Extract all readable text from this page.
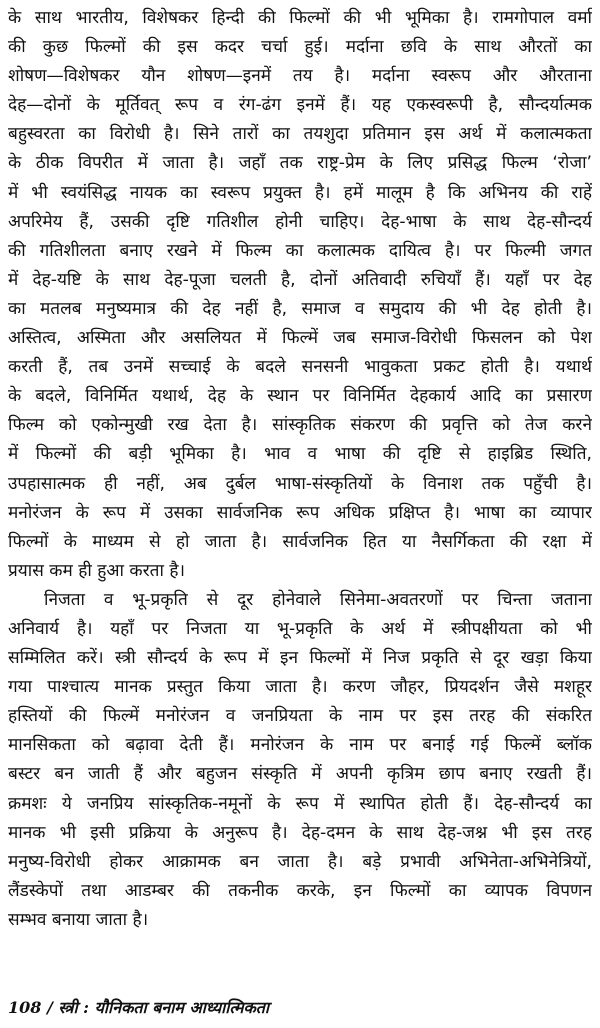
के साथ भारतीय, विशेषकर हिन्दी की फिल्मों की भी भूमिका है। रामगोपाल वर्मा
की कुछ फिल्मों की इस कदर चर्चा हुई। मर्दाना छवि के साथ औरतों का
शोषण—विशेषकर यौन शोषण—इनमें तय है। मर्दाना स्वरूप और औरताना
देह—दोनों के मूर्तिवत् रूप व रंग-ढंग इनमें हैं। यह एकस्वरूपी है, सौन्दर्यात्मक
बहुस्वरता का विरोधी है। सिने तारों का तयशुदा प्रतिमान इस अर्थ में कलात्मकता
के ठीक विपरीत में जाता है। जहाँ तक राष्ट्र-प्रेम के लिए प्रसिद्ध फिल्म ‘रोजा’
में भी स्वयंसिद्ध नायक का स्वरूप प्रयुक्त है। हमें मालूम है कि अभिनय की राहें
अपरिमेय हैं, उसकी दृष्टि गतिशील होनी चाहिए। देह-भाषा के साथ देह-सौन्दर्य
की गतिशीलता बनाए रखने में फिल्म का कलात्मक दायित्व है। पर फिल्मी जगत
में देह-यष्टि के साथ देह-पूजा चलती है, दोनों अतिवादी रुचियाँ हैं। यहाँ पर देह
का मतलब मनुष्यमात्र की देह नहीं है, समाज व समुदाय की भी देह होती है।
अस्तित्व, अस्मिता और असलियत में फिल्में जब समाज-विरोधी फिसलन को पेश
करती हैं, तब उनमें सच्चाई के बदले सनसनी भावुकता प्रकट होती है। यथार्थ
के बदले, विनिर्मित यथार्थ, देह के स्थान पर विनिर्मित देहकार्य आदि का प्रसारण
फिल्म को एकोन्मुखी रख देता है। सांस्कृतिक संकरण की प्रवृत्ति को तेज करने
में फिल्मों की बड़ी भूमिका है। भाव व भाषा की दृष्टि से हाइब्रिड स्थिति,
उपहासात्मक ही नहीं, अब दुर्बल भाषा-संस्कृतियों के विनाश तक पहुँची है।
मनोरंजन के रूप में उसका सार्वजनिक रूप अधिक प्रक्षिप्त है। भाषा का व्यापार
फिल्मों के माध्यम से हो जाता है। सार्वजनिक हित या नैसर्गिकता की रक्षा में
प्रयास कम ही हुआ करता है।
निजता व भू-प्रकृति से दूर होनेवाले सिनेमा-अवतरणों पर चिन्ता जताना
अनिवार्य है। यहाँ पर निजता या भू-प्रकृति के अर्थ में स्त्रीपक्षीयता को भी
सम्मिलित करें। स्त्री सौन्दर्य के रूप में इन फिल्मों में निज प्रकृति से दूर खड़ा किया
गया पाश्चात्य मानक प्रस्तुत किया जाता है। करण जौहर, प्रियदर्शन जैसे मशहूर
हस्तियों की फिल्में मनोरंजन व जनप्रियता के नाम पर इस तरह की संकरित
मानसिकता को बढ़ावा देती हैं। मनोरंजन के नाम पर बनाई गई फिल्में ब्लॉक
बस्टर बन जाती हैं और बहुजन संस्कृति में अपनी कृत्रिम छाप बनाए रखती हैं।
क्रमशः ये जनप्रिय सांस्कृतिक-नमूनों के रूप में स्थापित होती हैं। देह-सौन्दर्य का
मानक भी इसी प्रक्रिया के अनुरूप है। देह-दमन के साथ देह-जश्न भी इस तरह
मनुष्य-विरोधी होकर आक्रामक बन जाता है। बड़े प्रभावी अभिनेता-अभिनेत्रियों,
लैंडस्केपों तथा आडम्बर की तकनीक करके, इन फिल्मों का व्यापक विपणन
सम्भव बनाया जाता है।
108 / स्त्री : यौनिकता बनाम आध्यात्मिकता
